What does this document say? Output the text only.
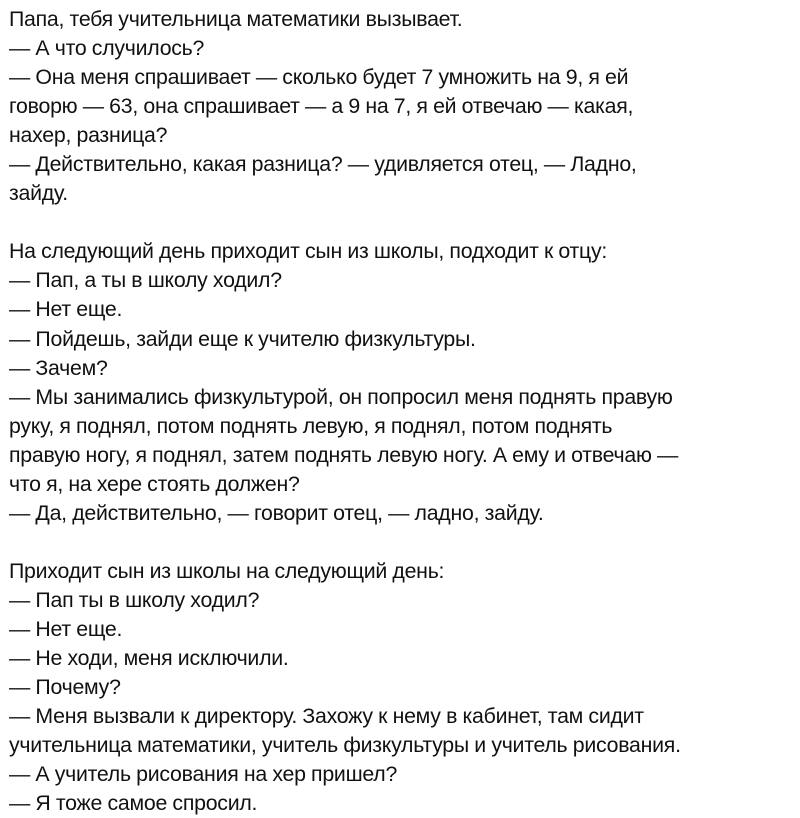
Папа, тебя учительница математики вызывает.
— А что случилось?
— Она меня спрашивает — сколько будет 7 умножить на 9, я ей
говорю — 63, она спрашивает — а 9 на 7, я ей отвечаю — какая,
нахер, разница?
— Действительно, какая разница? — удивляется отец, — Ладно,
зайду.

На следующий день приходит сын из школы, подходит к отцу:
— Пап, а ты в школу ходил?
— Нет еще.
— Пойдешь, зайди еще к учителю физкультуры.
— Зачем?
— Мы занимались физкультурой, он попросил меня поднять правую
руку, я поднял, потом поднять левую, я поднял, потом поднять
правую ногу, я поднял, затем поднять левую ногу. А ему и отвечаю —
что я, на хере стоять должен?
— Да, действительно, — говорит отец, — ладно, зайду.

Приходит сын из школы на следующий день:
— Пап ты в школу ходил?
— Нет еще.
— Не ходи, меня исключили.
— Почему?
— Меня вызвали к директору. Захожу к нему в кабинет, там сидит
учительница математики, учитель физкультуры и учитель рисования.
— А учитель рисования на хер пришел?
— Я тоже самое спросил.
